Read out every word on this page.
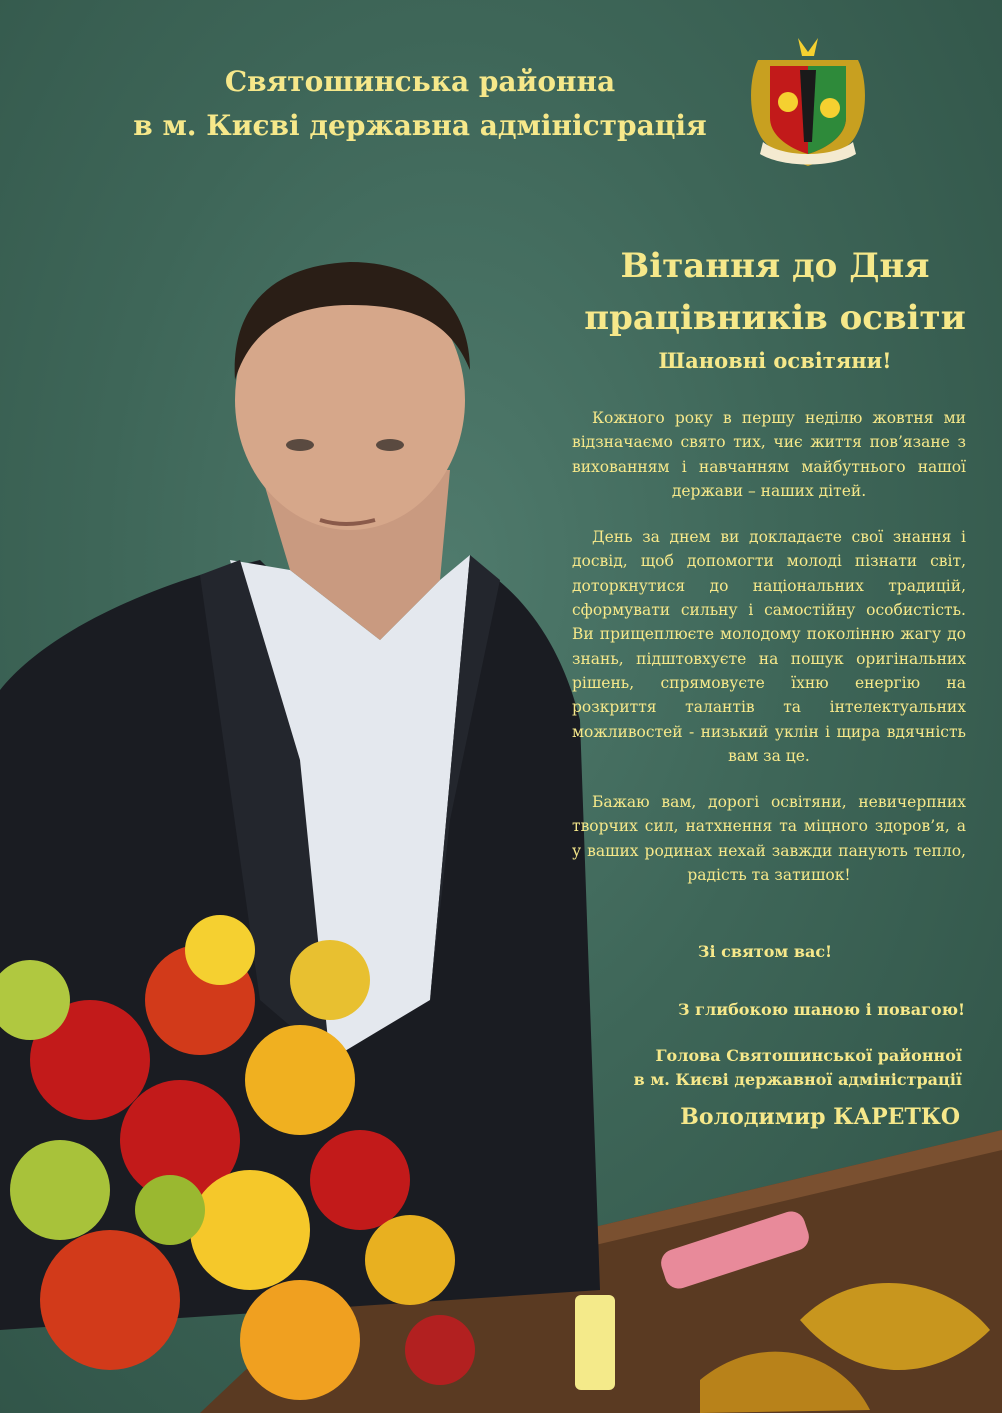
Святошинська районна
в м. Києві державна адміністрація
Вітання до Дня
працівників освіти
Шановні освітяни!

Кожного року в першу неділю жовтня ми відзначаємо свято тих, чиє життя пов’язане з вихованням і навчанням майбутнього нашої держави – наших дітей.

День за днем ви докладаєте свої знання і досвід, щоб допомогти молоді пізнати світ, доторкнутися до національних традицій, сформувати сильну і самостійну особистість. Ви прищеплюєте молодому поколінню жагу до знань, підштовхуєте на пошук оригінальних рішень, спрямовуєте їхню енергію на розкриття талантів та інтелектуальних можливостей - низький уклін і щира вдячність вам за це.

Бажаю вам, дорогі освітяни, невичерпних творчих сил, натхнення та міцного здоров’я, а у ваших родинах нехай завжди панують тепло, радість та затишок!

Зі святом вас!
З глибокою шаною і повагою!
Голова Святошинської районної
в м. Києві державної адміністрації
Володимир КАРЕТКО
